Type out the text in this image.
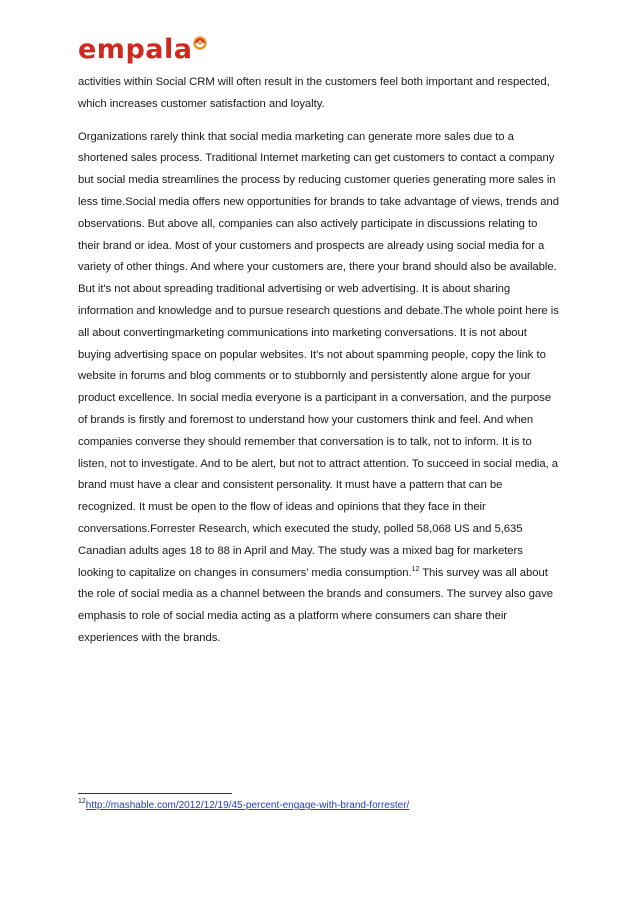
empala

activities within Social CRM will often result in the customers feel both important and respected, which increases customer satisfaction and loyalty.

Organizations rarely think that social media marketing can generate more sales due to a shortened sales process. Traditional Internet marketing can get customers to contact a company but social media streamlines the process by reducing customer queries generating more sales in less time.Social media offers new opportunities for brands to take advantage of views, trends and observations. But above all, companies can also actively participate in discussions relating to their brand or idea. Most of your customers and prospects are already using social media for a variety of other things. And where your customers are, there your brand should also be available. But it's not about spreading traditional advertising or web advertising. It is about sharing information and knowledge and to pursue research questions and debate.The whole point here is all about convertingmarketing communications into marketing conversations. It is not about buying advertising space on popular websites. It's not about spamming people, copy the link to website in forums and blog comments or to stubbornly and persistently alone argue for your product excellence. In social media everyone is a participant in a conversation, and the purpose of brands is firstly and foremost to understand how your customers think and feel. And when companies converse they should remember that conversation is to talk, not to inform. It is to listen, not to investigate. And to be alert, but not to attract attention. To succeed in social media, a brand must have a clear and consistent personality. It must have a pattern that can be recognized. It must be open to the flow of ideas and opinions that they face in their conversations.Forrester Research, which executed the study, polled 58,068 US and 5,635 Canadian adults ages 18 to 88 in April and May. The study was a mixed bag for marketers looking to capitalize on changes in consumers' media consumption.$^{12}$ This survey was all about the role of social media as a channel between the brands and consumers. The survey also gave emphasis to role of social media acting as a platform where consumers can share their experiences with the brands.

$^{12}$http://mashable.com/2012/12/19/45-percent-engage-with-brand-forrester/
